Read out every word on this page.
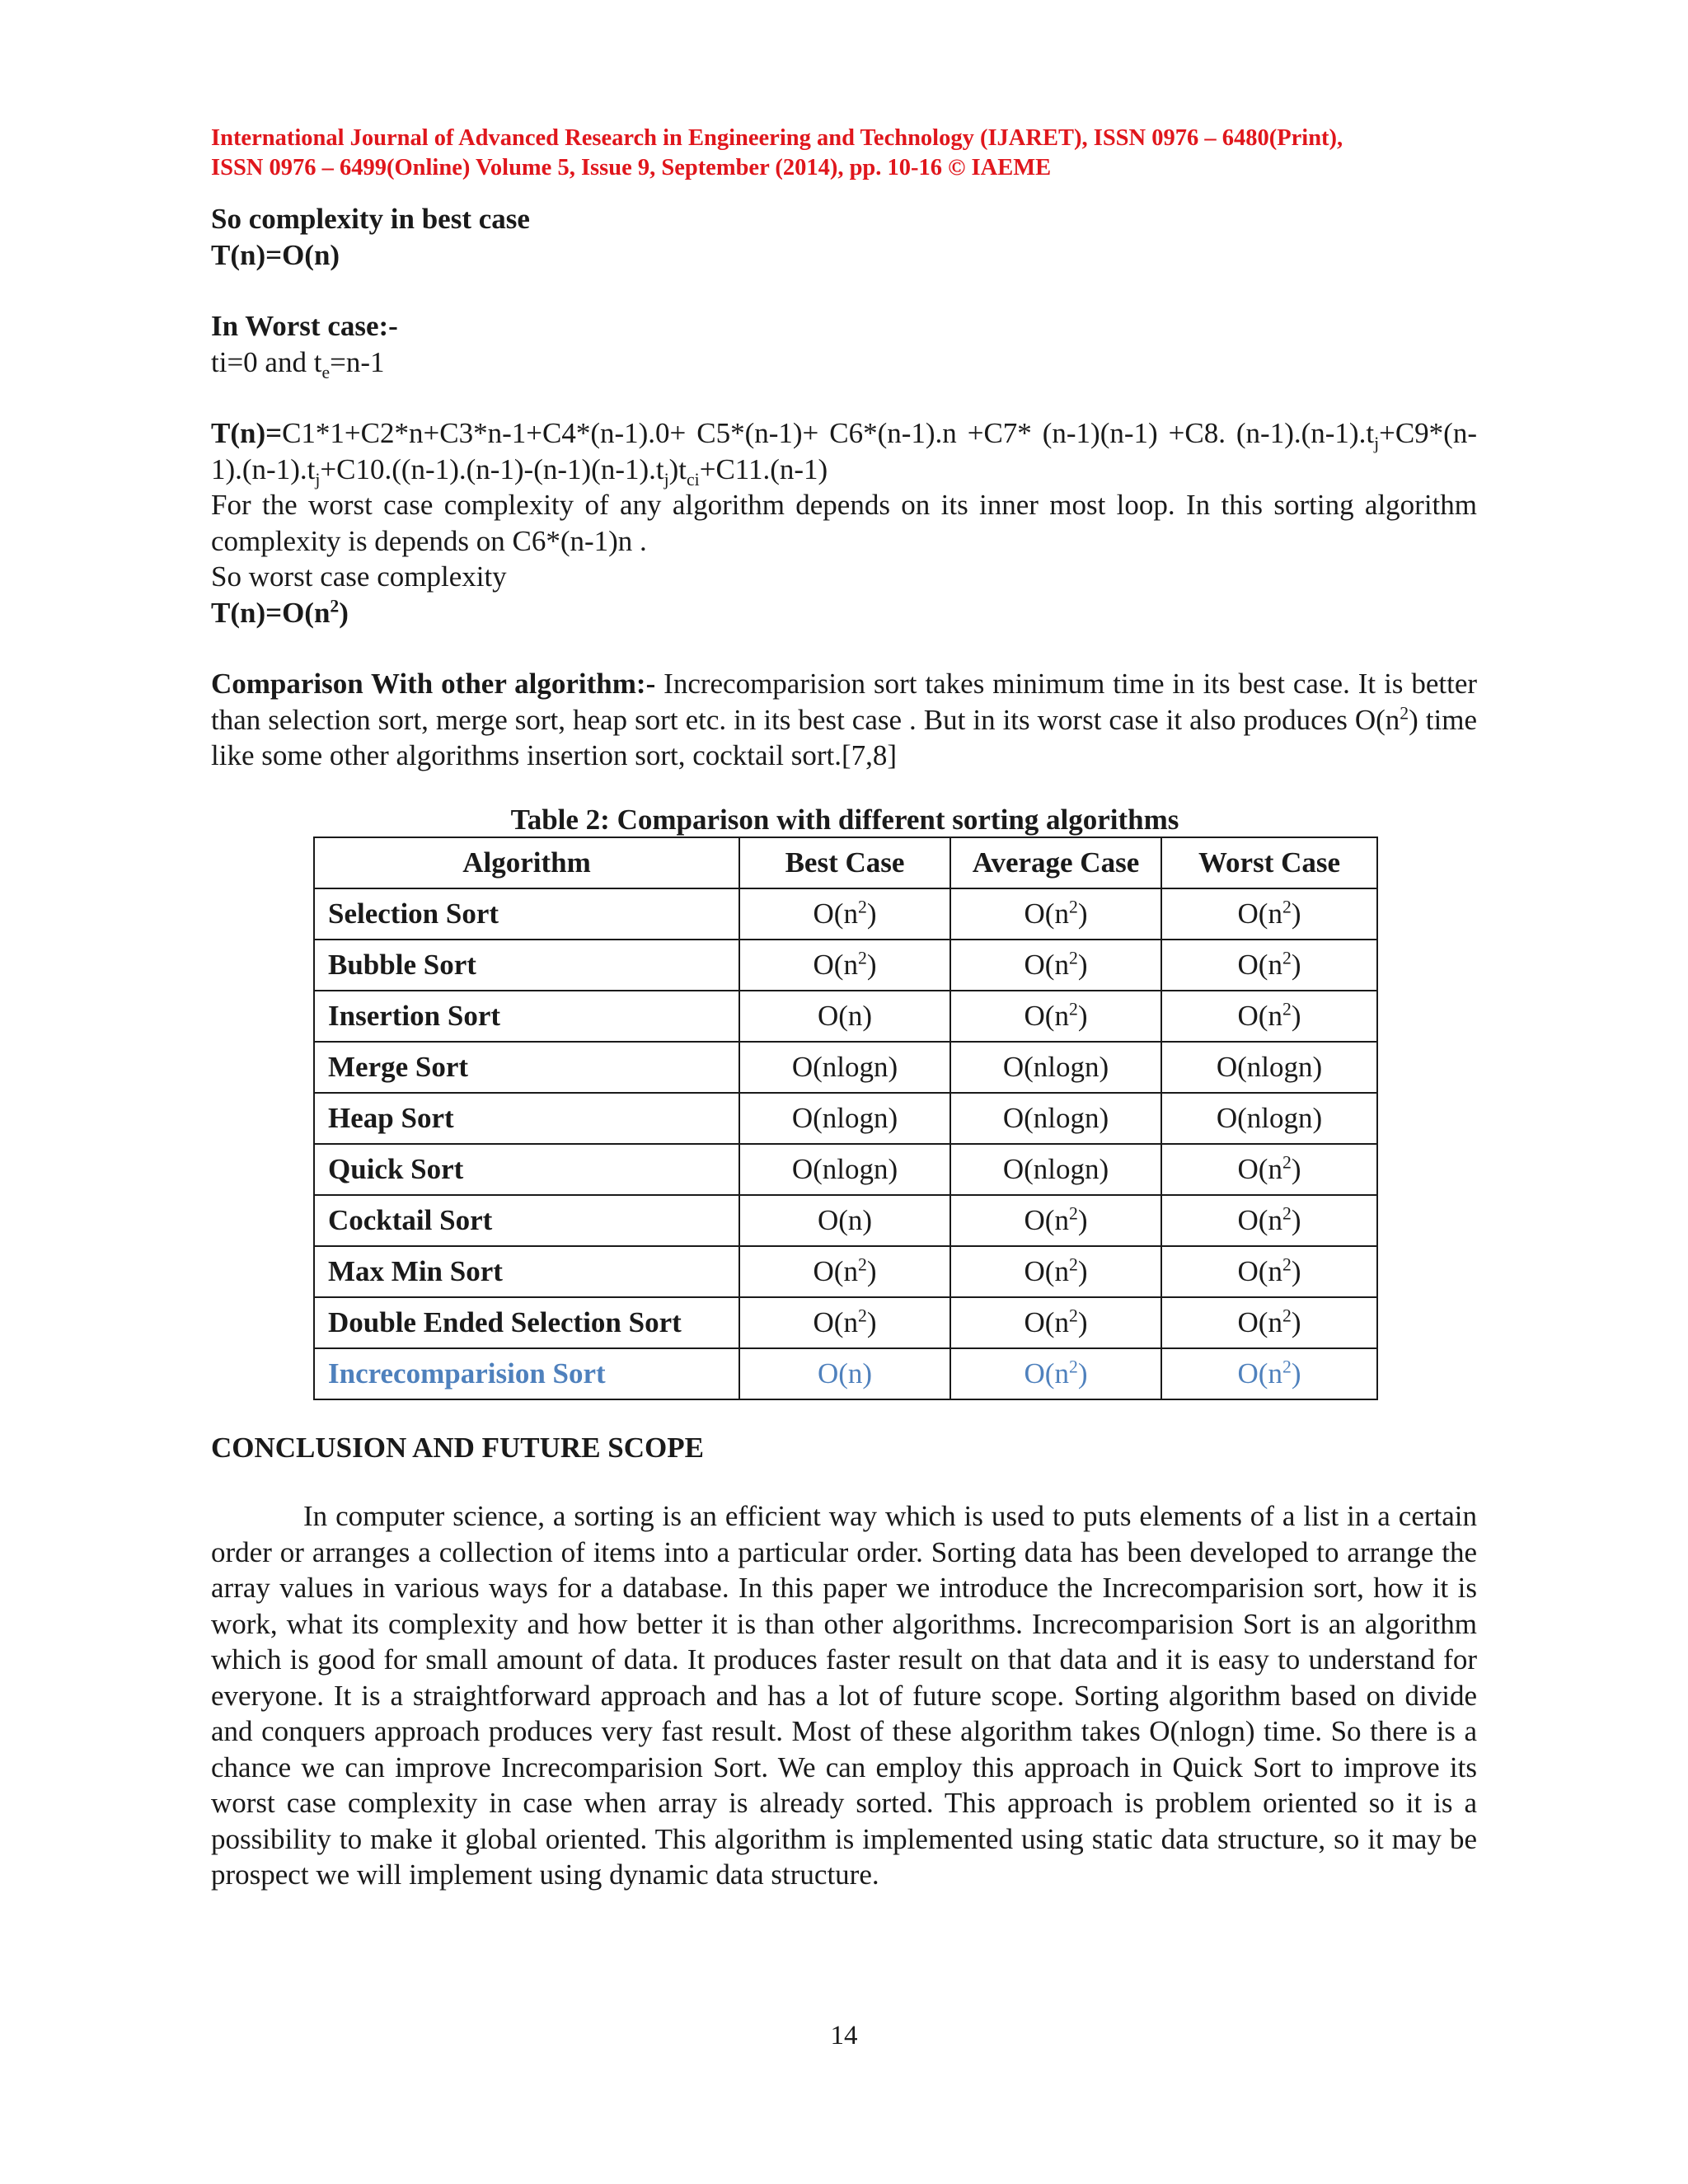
International Journal of Advanced Research in Engineering and Technology (IJARET), ISSN 0976 – 6480(Print),
ISSN 0976 – 6499(Online) Volume 5, Issue 9, September (2014), pp. 10-16 © IAEME

So complexity in best case

T(n)=O(n)

In Worst case:-

ti=0 and $t_e=n-1$

T(n)=C1*1+C2*n+C3*n-1+C4*(n-1).0+ C5*(n-1)+ C6*(n-1).n +C7* (n-1)(n-1) +C8. $(n-1).(n-1).t_j+C9*(n-1).(n-1).t_j+C10.((n-1).(n-1)-(n-1)(n-1).t_j)t_{ci}+C11.(n-1)$

For the worst case complexity of any algorithm depends on its inner most loop. In this sorting algorithm complexity is depends on C6*(n-1)n .

So worst case complexity

$T(n)=O(n^2)$

Comparison With other algorithm:- Increcomparision sort takes minimum time in its best case. It is better than selection sort, merge sort, heap sort etc. in its best case . But in its worst case it also produces $O(n^2)$ time like some other algorithms insertion sort, cocktail sort.[7,8]

Table 2: Comparison with different sorting algorithms
Algorithm	Best Case	Average Case	Worst Case
Selection Sort	$O(n^2)$	$O(n^2)$	$O(n^2)$
Bubble Sort	$O(n^2)$	$O(n^2)$	$O(n^2)$
Insertion Sort	O(n)	$O(n^2)$	$O(n^2)$
Merge Sort	O(nlogn)	O(nlogn)	O(nlogn)
Heap Sort	O(nlogn)	O(nlogn)	O(nlogn)
Quick Sort	O(nlogn)	O(nlogn)	$O(n^2)$
Cocktail Sort	O(n)	$O(n^2)$	$O(n^2)$
Max Min Sort	$O(n^2)$	$O(n^2)$	$O(n^2)$
Double Ended Selection Sort	$O(n^2)$	$O(n^2)$	$O(n^2)$
Increcomparision Sort	O(n)	$O(n^2)$	$O(n^2)$

CONCLUSION AND FUTURE SCOPE

In computer science, a sorting is an efficient way which is used to puts elements of a list in a certain order or arranges a collection of items into a particular order. Sorting data has been developed to arrange the array values in various ways for a database. In this paper we introduce the Increcomparision sort, how it is work, what its complexity and how better it is than other algorithms. Increcomparision Sort is an algorithm which is good for small amount of data. It produces faster result on that data and it is easy to understand for everyone. It is a straightforward approach and has a lot of future scope. Sorting algorithm based on divide and conquers approach produces very fast result. Most of these algorithm takes O(nlogn) time. So there is a chance we can improve Increcomparision Sort. We can employ this approach in Quick Sort to improve its worst case complexity in case when array is already sorted. This approach is problem oriented so it is a possibility to make it global oriented. This algorithm is implemented using static data structure, so it may be prospect we will implement using dynamic data structure.

14
